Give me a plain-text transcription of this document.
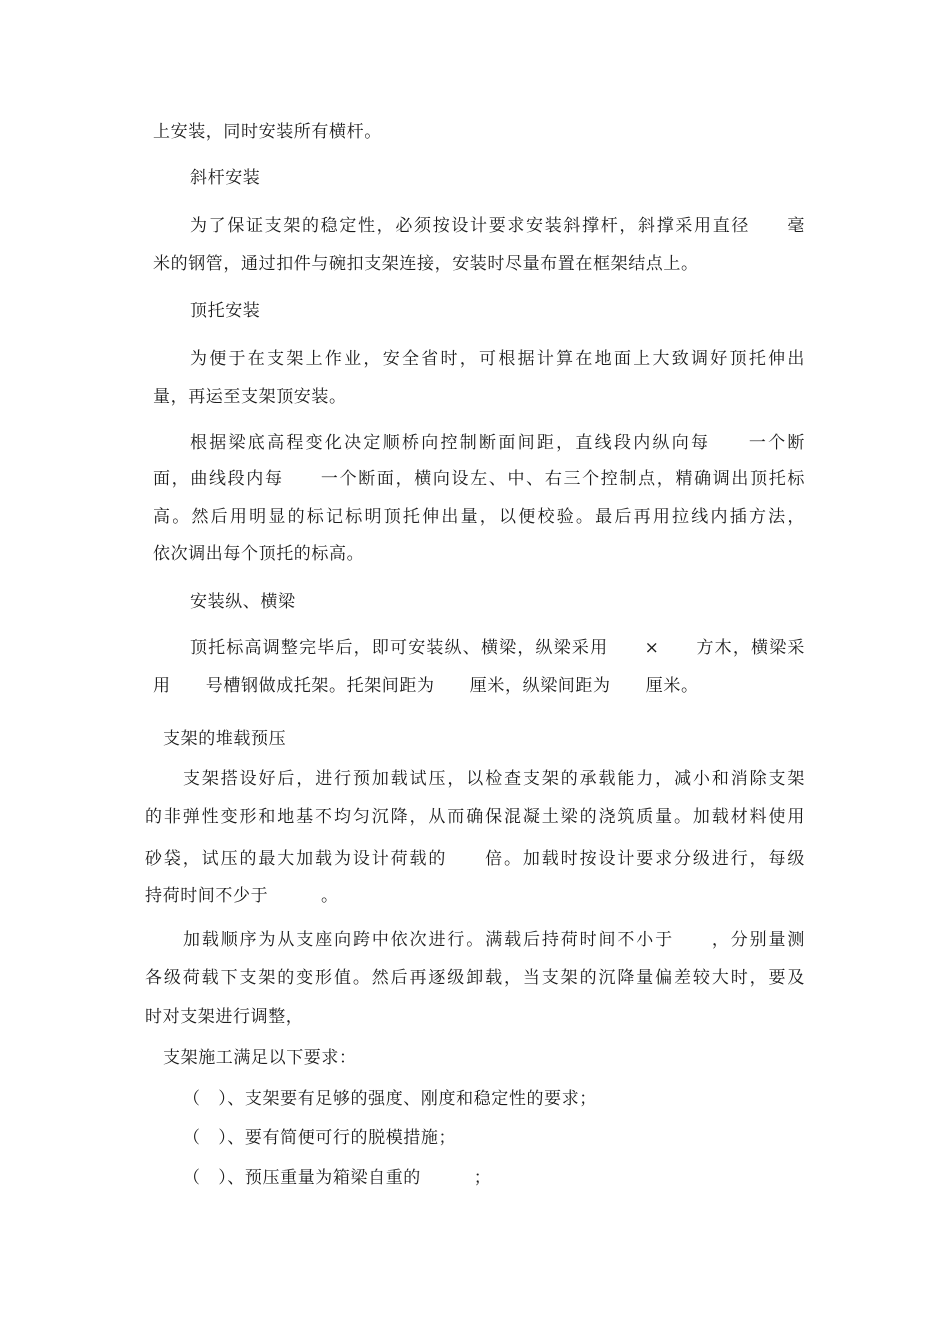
上安装，同时安装所有横杆。
斜杆安装
为了保证支架的稳定性，必须按设计要求安装斜撑杆，斜撑采用直径　　毫
米的钢管，通过扣件与碗扣支架连接，安装时尽量布置在框架结点上。
顶托安装
为便于在支架上作业，安全省时，可根据计算在地面上大致调好顶托伸出
量，再运至支架顶安装。
根据梁底高程变化决定顺桥向控制断面间距，直线段内纵向每　　一个断
面，曲线段内每　　一个断面，横向设左、中、右三个控制点，精确调出顶托标
高。然后用明显的标记标明顶托伸出量，以便校验。最后再用拉线内插方法，
依次调出每个顶托的标高。
安装纵、横梁
顶托标高调整完毕后，即可安装纵、横梁，纵梁采用　　×　　方木，横梁采
用　　号槽钢做成托架。托架间距为　　厘米，纵梁间距为　　厘米。
支架的堆载预压
支架搭设好后，进行预加载试压，以检查支架的承载能力，减小和消除支架
的非弹性变形和地基不均匀沉降，从而确保混凝土梁的浇筑质量。加载材料使用
砂袋，试压的最大加载为设计荷载的　　倍。加载时按设计要求分级进行，每级
持荷时间不少于　　　。
加载顺序为从支座向跨中依次进行。满载后持荷时间不小于　　，分别量测
各级荷载下支架的变形值。然后再逐级卸载，当支架的沉降量偏差较大时，要及
时对支架进行调整，
支架施工满足以下要求：
（　）、支架要有足够的强度、刚度和稳定性的要求；
（　）、要有简便可行的脱模措施；
（　）、预压重量为箱梁自重的　　　；
